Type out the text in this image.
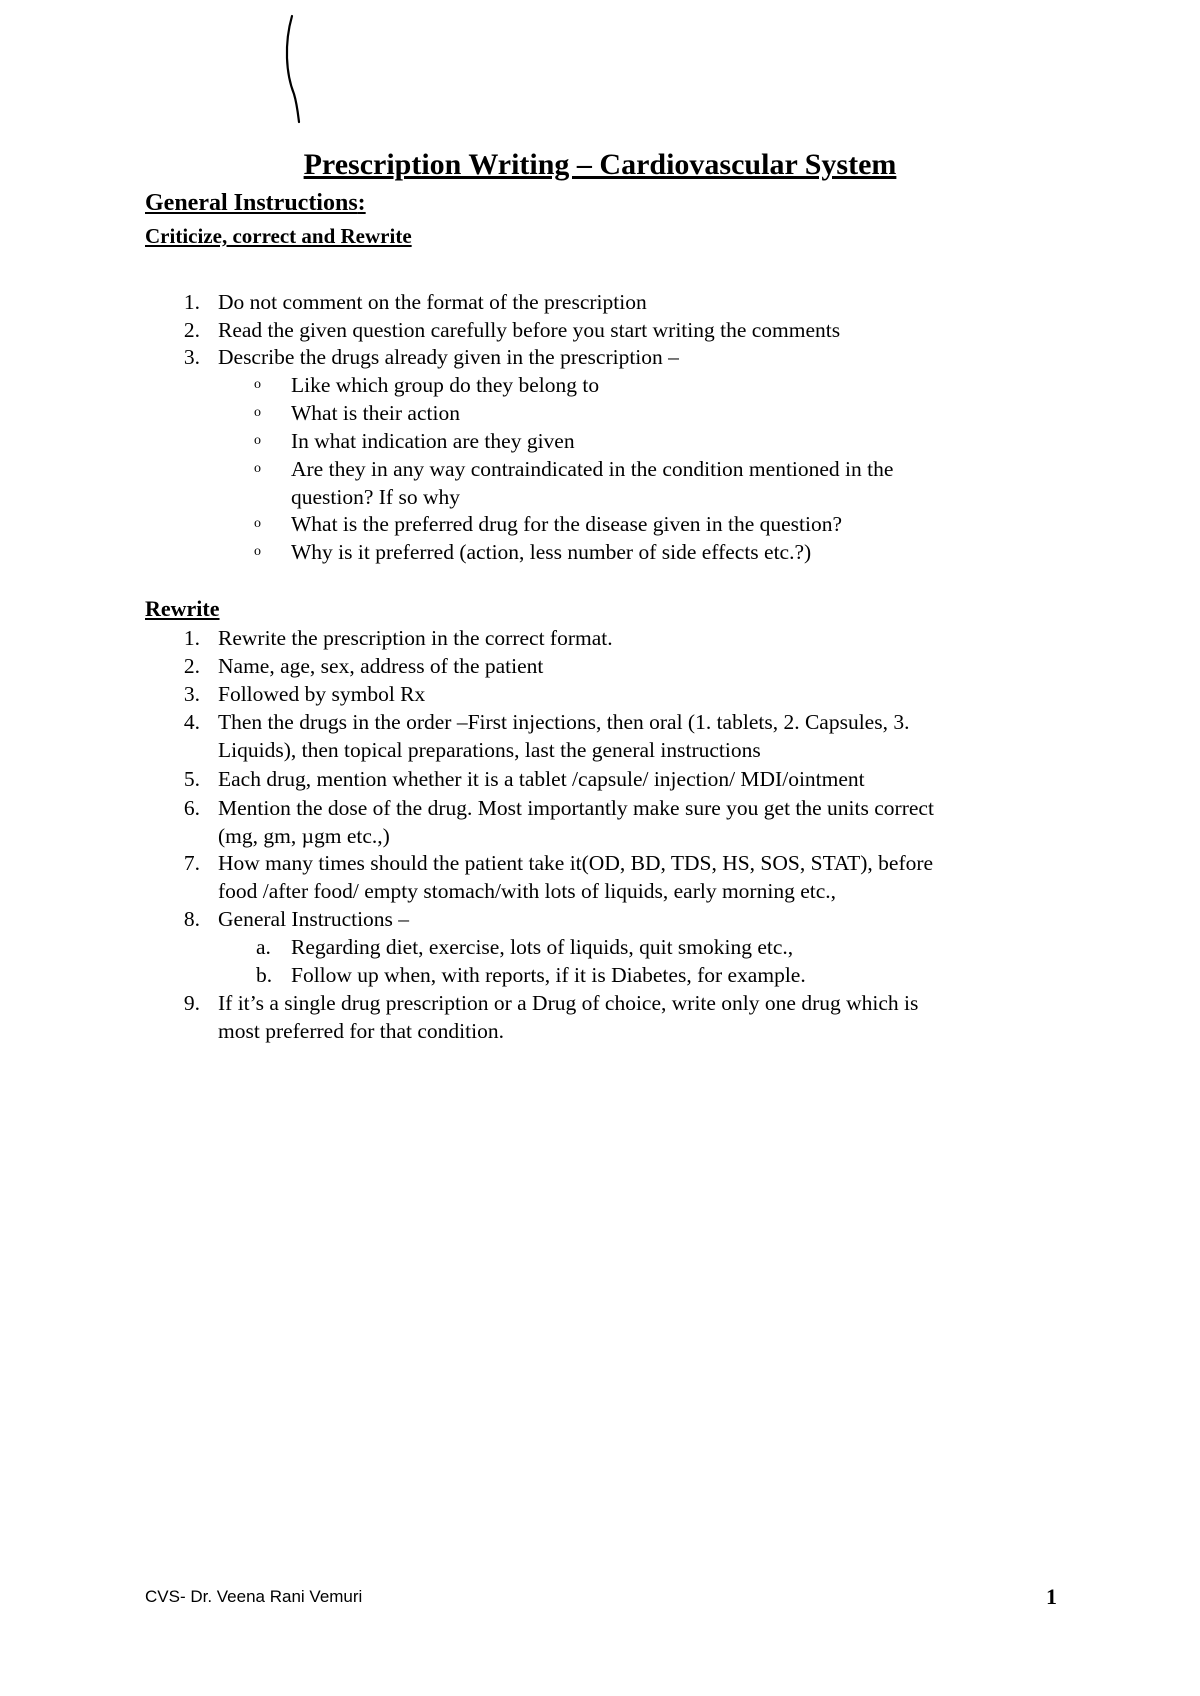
Prescription Writing – Cardiovascular System
General Instructions:
Criticize, correct and Rewrite
1. Do not comment on the format of the prescription
2. Read the given question carefully before you start writing the comments
3. Describe the drugs already given in the prescription –
o Like which group do they belong to
o What is their action
o In what indication are they given
o Are they in any way contraindicated in the condition mentioned in the
question? If so why
o What is the preferred drug for the disease given in the question?
o Why is it preferred (action, less number of side effects etc.?)
Rewrite
1. Rewrite the prescription in the correct format.
2. Name, age, sex, address of the patient
3. Followed by symbol Rx
4. Then the drugs in the order –First injections, then oral (1. tablets, 2. Capsules, 3.
Liquids), then topical preparations, last the general instructions
5. Each drug, mention whether it is a tablet /capsule/ injection/ MDI/ointment
6. Mention the dose of the drug. Most importantly make sure you get the units correct
(mg, gm, µgm etc.,)
7. How many times should the patient take it(OD, BD, TDS, HS, SOS, STAT), before
food /after food/ empty stomach/with lots of liquids, early morning etc.,
8. General Instructions –
a. Regarding diet, exercise, lots of liquids, quit smoking etc.,
b. Follow up when, with reports, if it is Diabetes, for example.
9. If it’s a single drug prescription or a Drug of choice, write only one drug which is
most preferred for that condition.
CVS- Dr. Veena Rani Vemuri	1
